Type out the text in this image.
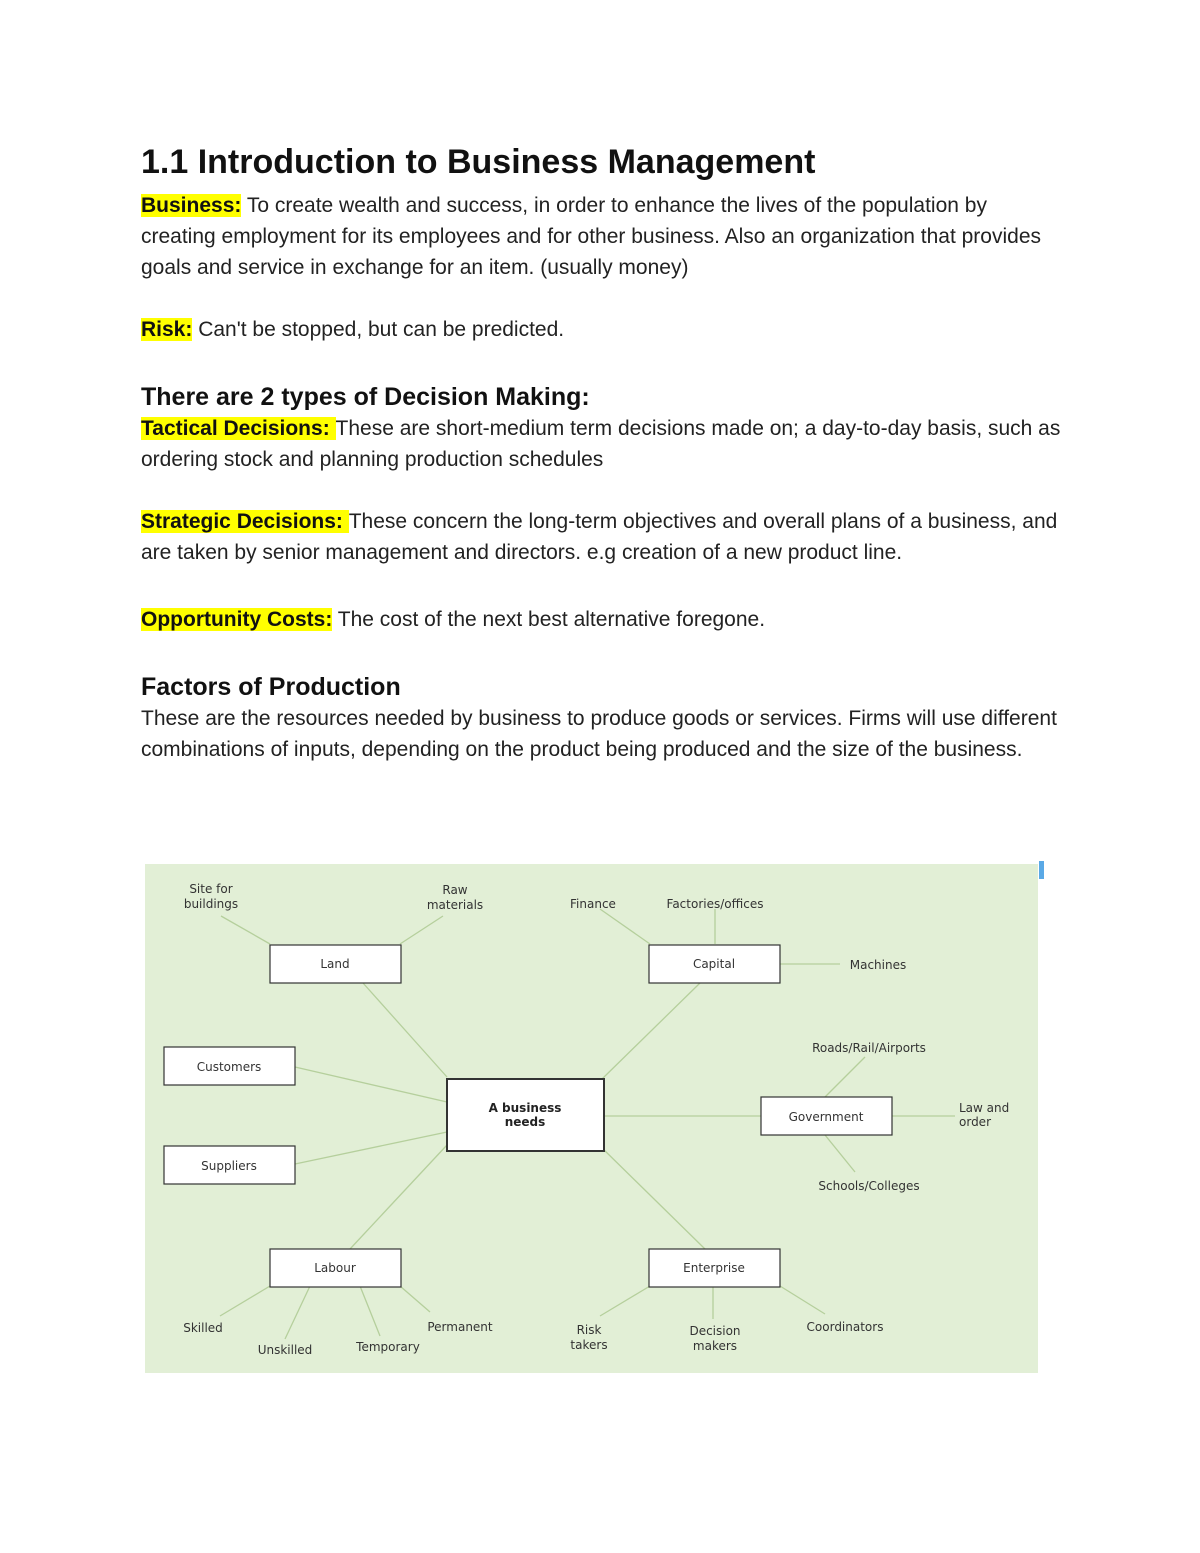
1.1 Introduction to Business Management

Business: To create wealth and success, in order to enhance the lives of the population by creating employment for its employees and for other business. Also an organization that provides goals and service in exchange for an item. (usually money)

Risk: Can't be stopped, but can be predicted.

There are 2 types of Decision Making:

Tactical Decisions: These are short-medium term decisions made on; a day-to-day basis, such as ordering stock and planning production schedules

Strategic Decisions: These concern the long-term objectives and overall plans of a business, and are taken by senior management and directors. e.g creation of a new product line.

Opportunity Costs: The cost of the next best alternative foregone.

Factors of Production

These are the resources needed by business to produce goods or services. Firms will use different combinations of inputs, depending on the product being produced and the size of the business.

Land	Capital
Customers
Suppliers
A business
needs	Government
Labour	Enterprise
Site for
buildings
Raw
materials	Finance	Factories/offices
Machines
Roads/Rail/Airports
Law and
order
Schools/Colleges
Skilled
Unskilled	Temporary
Permanent	Risk
takers
Decision
makers
Coordinators
